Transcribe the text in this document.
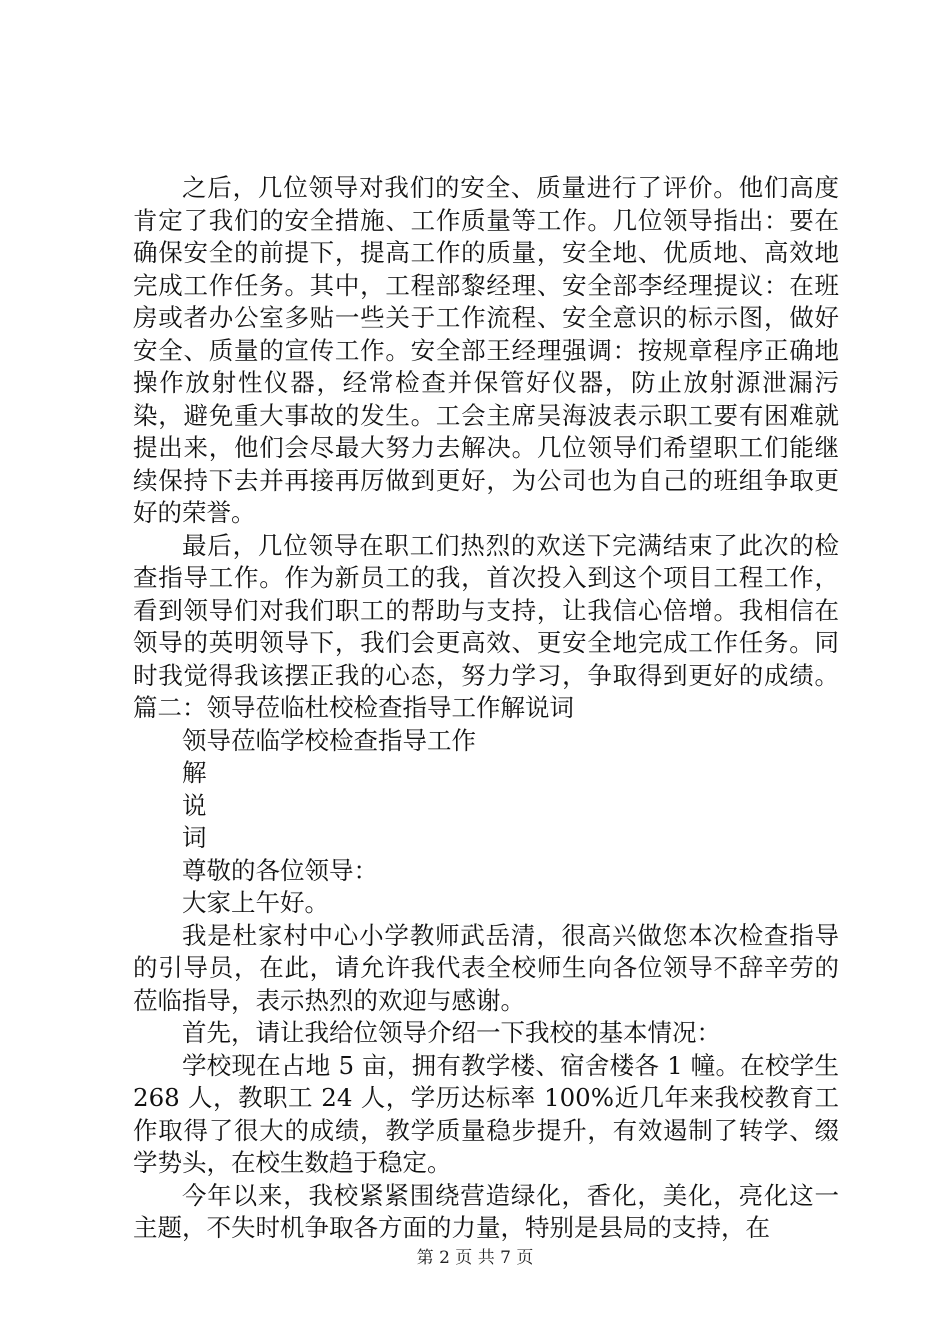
之后，几位领导对我们的安全、质量进行了评价。他们高度肯定了我们的安全措施、工作质量等工作。几位领导指出：要在确保安全的前提下，提高工作的质量，安全地、优质地、高效地完成工作任务。其中，工程部黎经理、安全部李经理提议：在班房或者办公室多贴一些关于工作流程、安全意识的标示图，做好安全、质量的宣传工作。安全部王经理强调：按规章程序正确地操作放射性仪器，经常检查并保管好仪器，防止放射源泄漏污染，避免重大事故的发生。工会主席吴海波表示职工要有困难就提出来，他们会尽最大努力去解决。几位领导们希望职工们能继续保持下去并再接再厉做到更好，为公司也为自己的班组争取更好的荣誉。

最后，几位领导在职工们热烈的欢送下完满结束了此次的检查指导工作。作为新员工的我，首次投入到这个项目工程工作，看到领导们对我们职工的帮助与支持，让我信心倍增。我相信在领导的英明领导下，我们会更高效、更安全地完成工作任务。同时我觉得我该摆正我的心态，努力学习，争取得到更好的成绩。篇二：领导莅临杜校检查指导工作解说词

领导莅临学校检查指导工作

解

说

词

尊敬的各位领导：

大家上午好。

我是杜家村中心小学教师武岳清，很高兴做您本次检查指导的引导员，在此，请允许我代表全校师生向各位领导不辞辛劳的莅临指导，表示热烈的欢迎与感谢。

首先，请让我给位领导介绍一下我校的基本情况：

学校现在占地 5 亩，拥有教学楼、宿舍楼各 1 幢。在校学生 268 人，教职工 24 人，学历达标率 100%近几年来我校教育工作取得了很大的成绩，教学质量稳步提升，有效遏制了转学、缀学势头，在校生数趋于稳定。

今年以来，我校紧紧围绕营造绿化，香化，美化，亮化这一主题，不失时机争取各方面的力量，特别是县局的支持，在

第 2 页 共 7 页
